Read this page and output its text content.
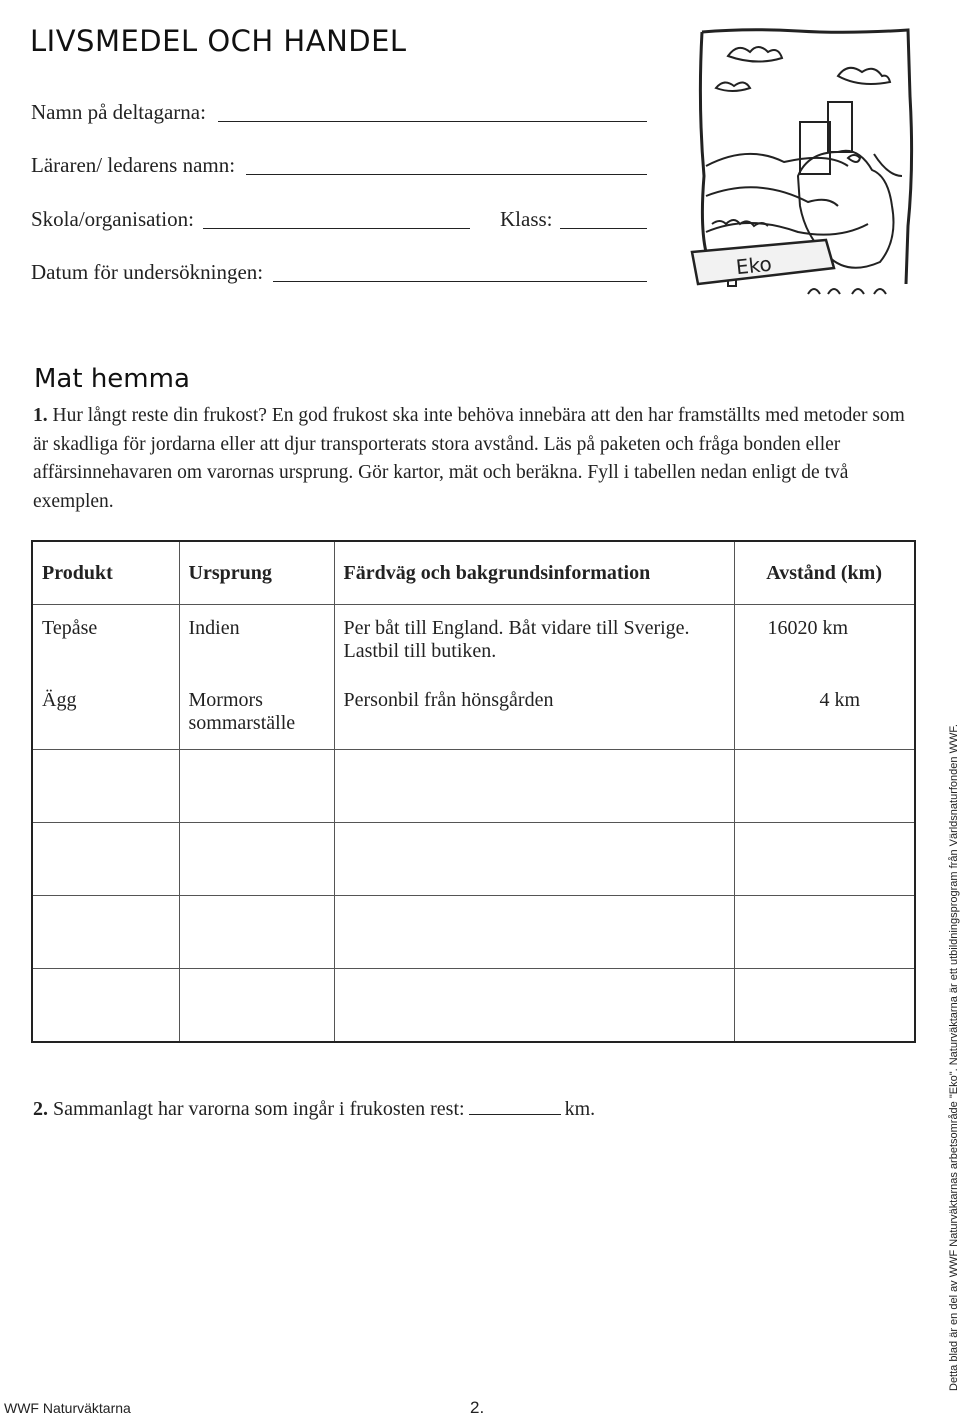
LIVSMEDEL OCH HANDEL
Namn på deltagarna:
Läraren/ ledarens namn:
Skola/organisation:	Klass:
Datum för undersökningen:	Eko
Mat hemma
1. Hur långt reste din frukost? En god frukost ska inte behöva innebära att den har framställts med metoder som är skadliga för jordarna eller att djur transporterats stora avstånd. Läs på paketen och fråga bonden eller affärsinnehavaren om varornas ursprung. Gör kartor, mät och beräkna. Fyll i tabellen nedan enligt de två exemplen.
Produkt	Ursprung	Färdväg och bakgrundsinformation	Avstånd (km)

Tepåse	Indien	Per båt till England. Båt vidare till Sverige. Lastbil till butiken.	16020 km

Ägg	Mormors sommarställe	Personbil från hönsgården	4 km

2. Sammanlagt har varorna som ingår i frukosten rest:	km.
WWF Naturväktarna	2.
Detta blad är en del av WWF Naturväktarnas arbetsområde "Eko". Naturväktarna är ett utbildningsprogram från Världsnaturfonden WWF.
